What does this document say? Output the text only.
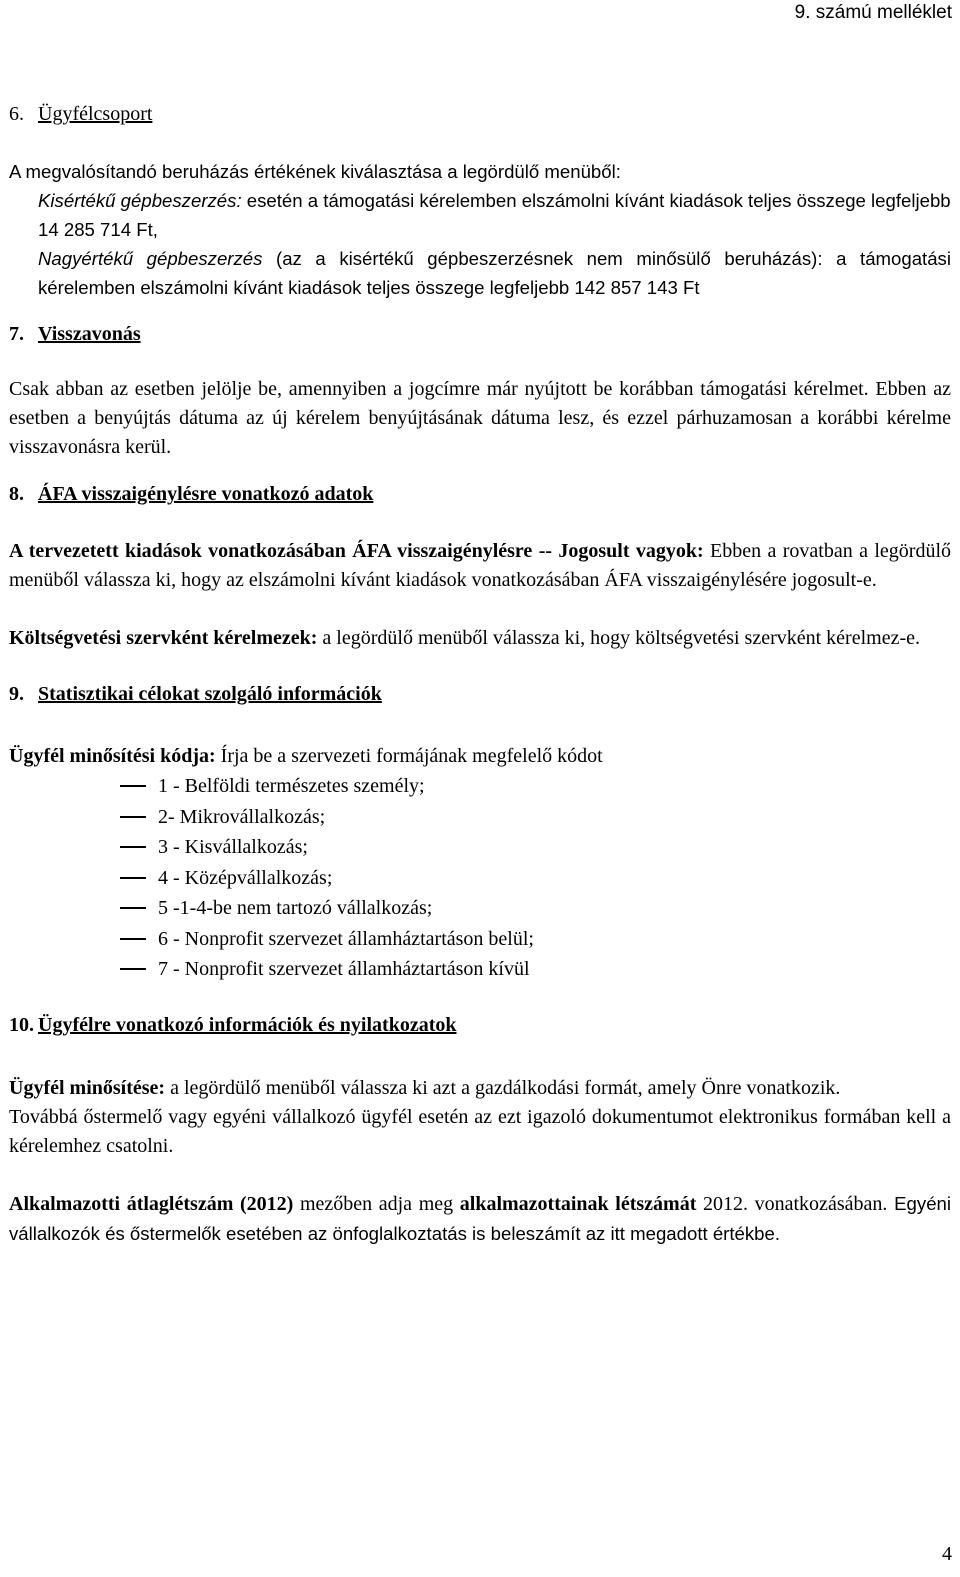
9. számú melléklet

6. Ügyfélcsoport

A megvalósítandó beruházás értékének kiválasztása a legördülő menüből:

Kisértékű gépbeszerzés: esetén a támogatási kérelemben elszámolni kívánt kiadások teljes összege legfeljebb 14 285 714 Ft,

Nagyértékű gépbeszerzés (az a kisértékű gépbeszerzésnek nem minősülő beruházás): a támogatási kérelemben elszámolni kívánt kiadások teljes összege legfeljebb 142 857 143 Ft

7. Visszavonás

Csak abban az esetben jelölje be, amennyiben a jogcímre már nyújtott be korábban támogatási kérelmet. Ebben az esetben a benyújtás dátuma az új kérelem benyújtásának dátuma lesz, és ezzel párhuzamosan a korábbi kérelme visszavonásra kerül.

8. ÁFA visszaigénylésre vonatkozó adatok

A tervezetett kiadások vonatkozásában ÁFA visszaigénylésre -- Jogosult vagyok: Ebben a rovatban a legördülő menüből válassza ki, hogy az elszámolni kívánt kiadások vonatkozásában ÁFA visszaigénylésére jogosult-e.

Költségvetési szervként kérelmezek: a legördülő menüből válassza ki, hogy költségvetési szervként kérelmez-e.

9. Statisztikai célokat szolgáló információk

Ügyfél minősítési kódja: Írja be a szervezeti formájának megfelelő kódot

1 - Belföldi természetes személy;
2- Mikrovállalkozás;
3 - Kisvállalkozás;
4 - Középvállalkozás;
5 -1-4-be nem tartozó vállalkozás;
6 - Nonprofit szervezet államháztartáson belül;
7 - Nonprofit szervezet államháztartáson kívül

10. Ügyfélre vonatkozó információk és nyilatkozatok

Ügyfél minősítése: a legördülő menüből válassza ki azt a gazdálkodási formát, amely Önre vonatkozik.

Továbbá őstermelő vagy egyéni vállalkozó ügyfél esetén az ezt igazoló dokumentumot elektronikus formában kell a kérelemhez csatolni.

Alkalmazotti átlaglétszám (2012) mezőben adja meg alkalmazottainak létszámát 2012. vonatkozásában. Egyéni vállalkozók és őstermelők esetében az önfoglalkoztatás is beleszámít az itt megadott értékbe.

4
